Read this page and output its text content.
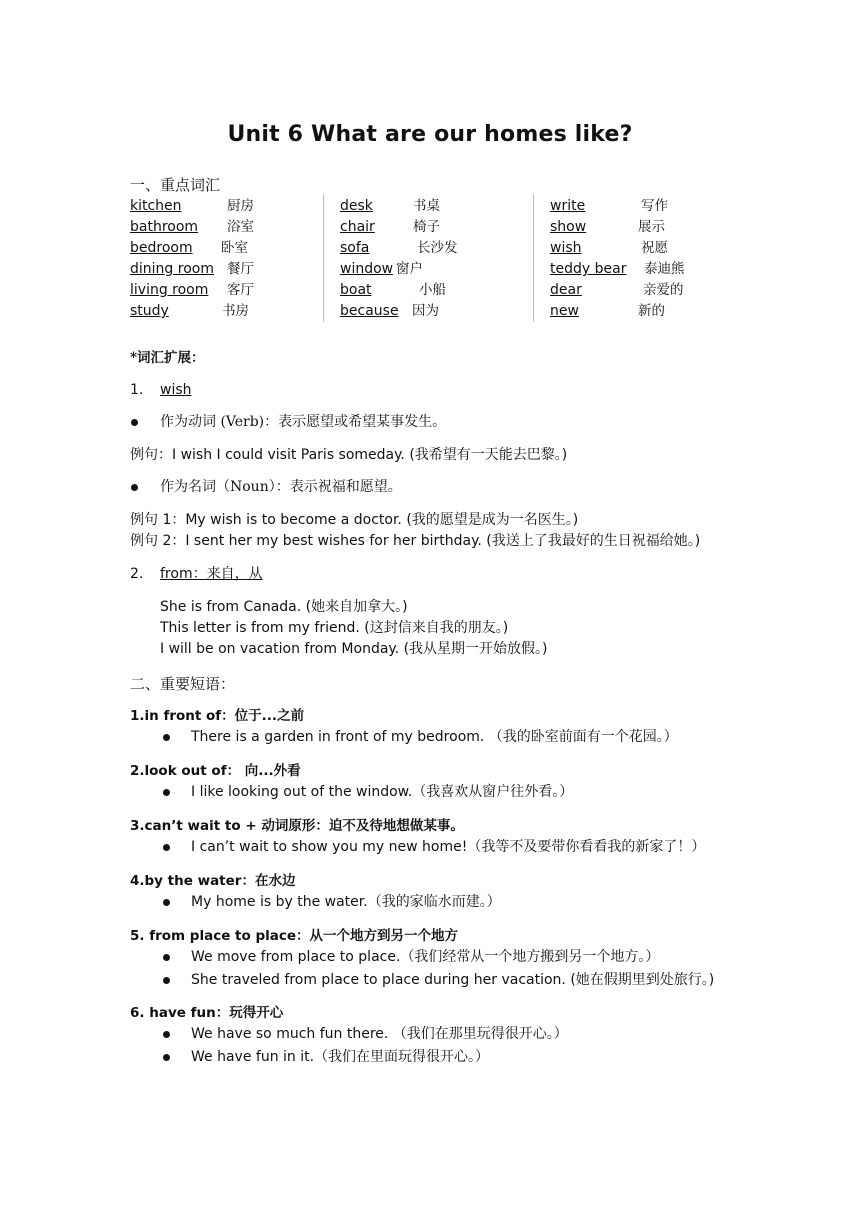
Unit 6 What are our homes like?
一、重点词汇
kitchen	厨房
bathroom 浴室
bedroom 卧室
dining room 餐厅
living room 客厅
study	书房
desk	书桌
chair	椅子
sofa	长沙发
window 窗户
boat	小船
because 因为
write	写作
show	展示
wish	祝愿
teddy bear 泰迪熊
dear	亲爱的
new	新的
*词汇扩展：
1. wish
作为动词 (Verb)：表示愿望或希望某事发生。
例句：I wish I could visit Paris someday. (我希望有一天能去巴黎。)
作为名词（Noun）：表示祝福和愿望。
例句 1：My wish is to become a doctor. (我的愿望是成为一名医生。)
例句 2：I sent her my best wishes for her birthday. (我送上了我最好的生日祝福给她。)
2. from：来自，从
She is from Canada. (她来自加拿大。)
This letter is from my friend. (这封信来自我的朋友。)
I will be on vacation from Monday. (我从星期一开始放假。)
二、重要短语：
1.in front of：位于...之前
There is a garden in front of my bedroom. （我的卧室前面有一个花园。）
2.look out of： 向...外看
I like looking out of the window.（我喜欢从窗户往外看。）
3.can’t wait to + 动词原形：迫不及待地想做某事。
I can’t wait to show you my new home!（我等不及要带你看看我的新家了！）
4.by the water：在水边
My home is by the water.（我的家临水而建。）
5. from place to place：从一个地方到另一个地方
We move from place to place.（我们经常从一个地方搬到另一个地方。）
She traveled from place to place during her vacation. (她在假期里到处旅行。)
6. have fun：玩得开心
We have so much fun there. （我们在那里玩得很开心。）
We have fun in it.（我们在里面玩得很开心。）
